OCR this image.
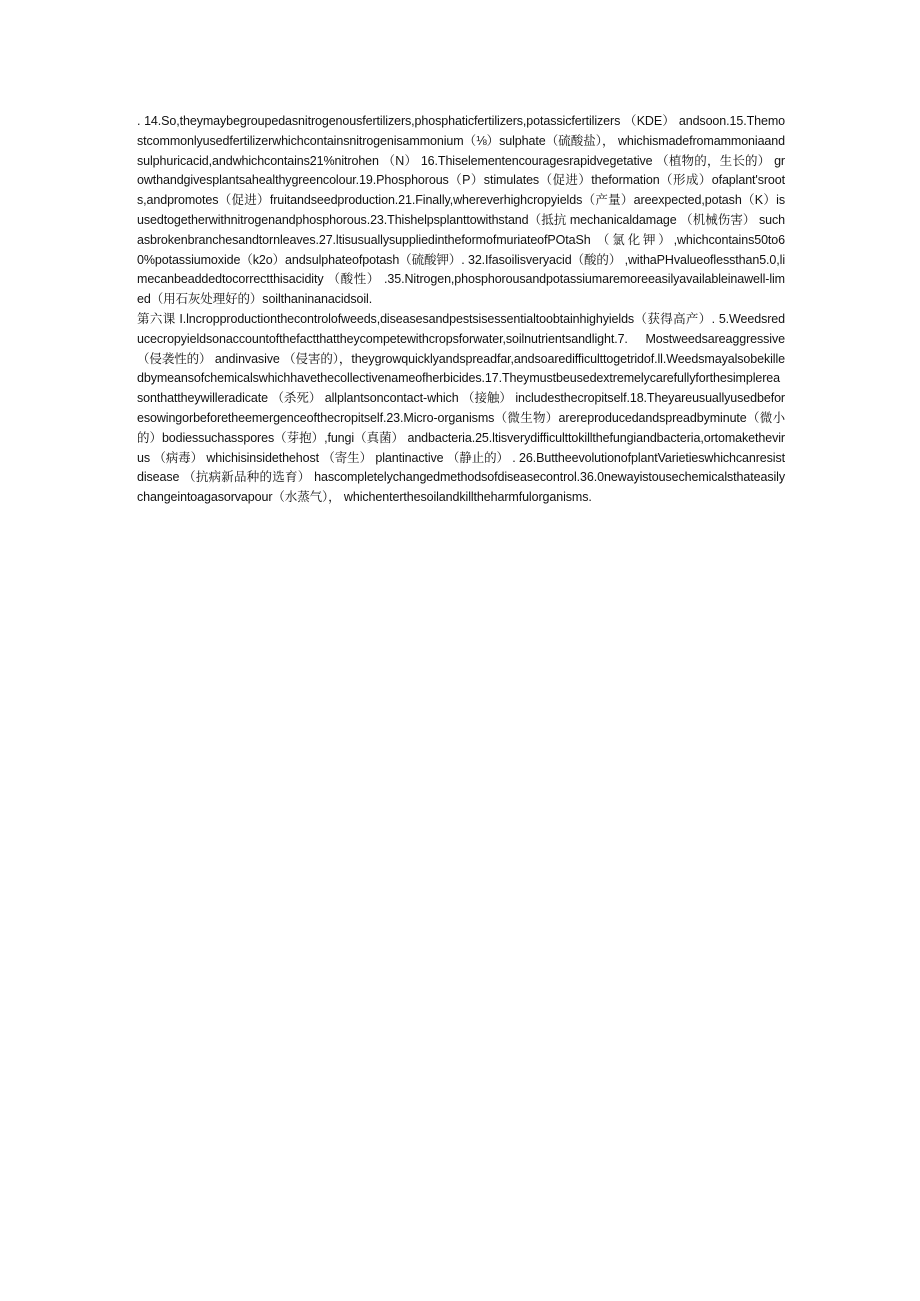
. 14.So,theymaybegroupedasnitrogenousfertilizers,phosphaticfertilizers,potassicfertilizers （KDE） andsoon.15.Themostcommonlyusedfertilizerwhichcontainsnitrogenisammonium（⅛）sulphate（硫酸盐）， whichismadefromammoniaandsulphuricacid,andwhichcontains21%nitrohen （N） 16.Thiselementencouragesrapidvegetative （植物的，生长的） growthandgivesplantsahealthygreencolour.19.Phosphorous（P）stimulates（促进）theformation（形成）ofaplant'sroots,andpromotes（促进）fruitandseedproduction.21.Finally,whereverhighcropyields（产量）areexpected,potash（K）isusedtogetherwithnitrogenandphosphorous.23.Thishelpsplanttowithstand（抵抗 mechanicaldamage （机械伤害） suchasbrokenbranchesandtornleaves.27.ltisusuallysuppliedintheformofmuriateofPOtaSh （氯化钾）,whichcontains50to60%potassiumoxide（k2o）andsulphateofpotash（硫酸钾）. 32.Ifasoilisveryacid（酸的） ,withaPHvalueoflessthan5.0,limecanbeaddedtocorrectthisacidity （酸性） .35.Nitrogen,phosphorousandpotassiumaremoreeasilyavailableinawell-limed（用石灰处理好的）soilthaninanacidsoil.

第六课 I.lncropproductionthecontrolofweeds,diseasesandpestsisessentialtoobtainhighyields（获得高产）. 5.Weedsreducecropyieldsonaccountofthefactthattheycompetewithcropsforwater,soilnutrientsandlight.7. Mostweedsareaggressive （侵袭性的） andinvasive （侵害的），theygrowquicklyandspreadfar,andsoaredifficulttogetridof.ll.Weedsmayalsobekilledbymeansofchemicalswhichhavethecollectivenameofherbicides.17.Theymustbeusedextremelycarefullyforthesimplereasonthattheywilleradicate （杀死） allplantsoncontact-which （接触） includesthecropitself.18.Theyareusuallyusedbeforesowingorbeforetheemergenceofthecropitself.23.Micro-organisms（微生物）arereproducedandspreadbyminute（微小的）bodiessuchasspores（芽抱）,fungi（真菌） andbacteria.25.ltisverydifficulttokillthefungiandbacteria,ortomakethevirus （病毒） whichisinsidethehost （寄生） plantinactive （静止的） . 26.ButtheevolutionofplantVarietieswhichcanresistdisease （抗病新品种的选育） hascompletelychangedmethodsofdiseasecontrol.36.0newayistousechemicalsthateasilychangeintoagasorvapour（水蒸气）， whichenterthesoilandkilltheharmfulorganisms.
